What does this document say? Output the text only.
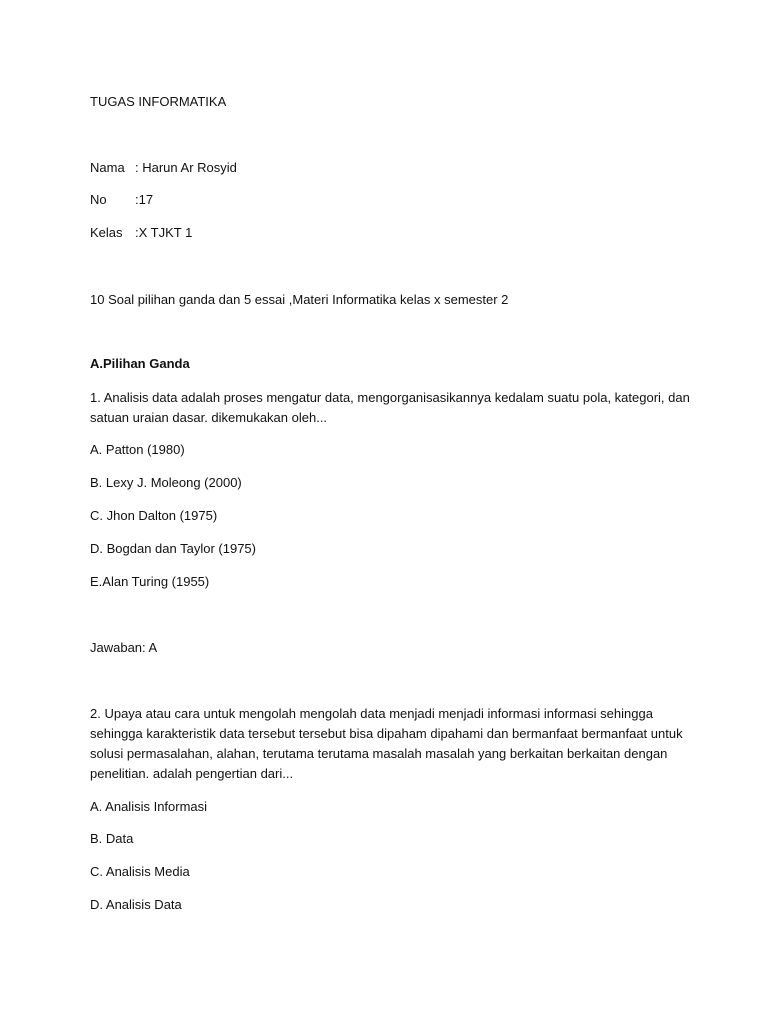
TUGAS INFORMATIKA
Nama : Harun Ar Rosyid
No :17
Kelas :X TJKT 1
10 Soal pilihan ganda dan 5 essai ,Materi Informatika kelas x semester 2
A.Pilihan Ganda
1. Analisis data adalah proses mengatur data, mengorganisasikannya kedalam suatu pola, kategori, dan
satuan uraian dasar. dikemukakan oleh...
A. Patton (1980)
B. Lexy J. Moleong (2000)
C. Jhon Dalton (1975)
D. Bogdan dan Taylor (1975)
E.Alan Turing (1955)
Jawaban: A
2. Upaya atau cara untuk mengolah mengolah data menjadi menjadi informasi informasi sehingga
sehingga karakteristik data tersebut tersebut bisa dipaham dipahami dan bermanfaat bermanfaat untuk
solusi permasalahan, alahan, terutama terutama masalah masalah yang berkaitan berkaitan dengan
penelitian. adalah pengertian dari...
A. Analisis Informasi
B. Data
C. Analisis Media
D. Analisis Data
